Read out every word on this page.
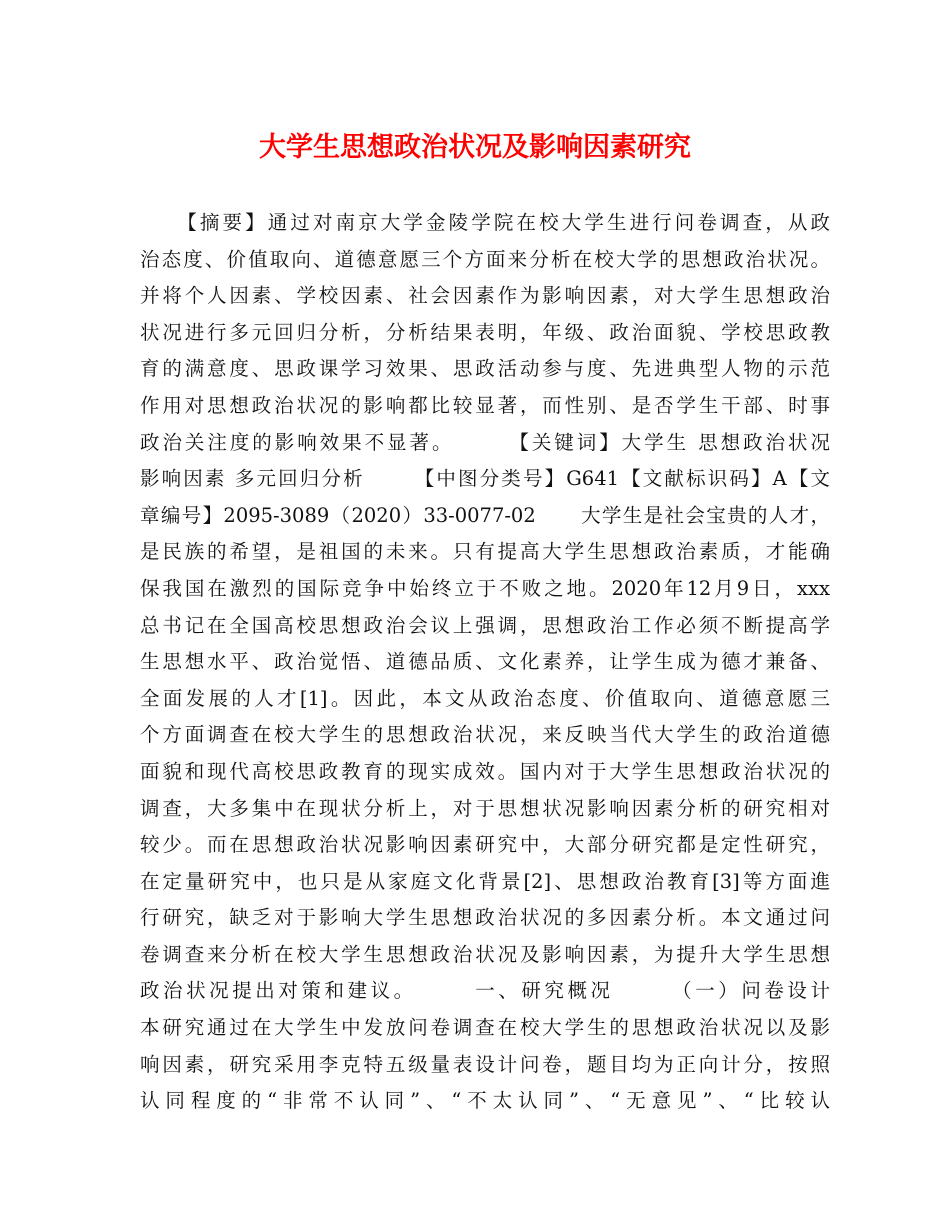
大学生思想政治状况及影响因素研究
【摘要】通过对南京大学金陵学院在校大学生进行问卷调查，从政
治态度、价值取向、道德意愿三个方面来分析在校大学的思想政治状况。
并将个人因素、学校因素、社会因素作为影响因素，对大学生思想政治
状况进行多元回归分析，分析结果表明，年级、政治面貌、学校思政教
育的满意度、思政课学习效果、思政活动参与度、先进典型人物的示范
作用对思想政治状况的影响都比较显著，而性别、是否学生干部、时事
政治关注度的影响效果不显著。      【关键词】大学生 思想政治状况
影响因素 多元回归分析      【中图分类号】G641【文献标识码】A【文
章编号】2095-3089（2020）33-0077-02      大学生是社会宝贵的人才，
是民族的希望，是祖国的未来。只有提高大学生思想政治素质，才能确
保我国在激烈的国际竞争中始终立于不败之地。2020年12月9日，xxx
总书记在全国高校思想政治会议上强调，思想政治工作必须不断提高学
生思想水平、政治觉悟、道德品质、文化素养，让学生成为德才兼备、
全面发展的人才[1]。因此，本文从政治态度、价值取向、道德意愿三
个方面调查在校大学生的思想政治状况，来反映当代大学生的政治道德
面貌和现代高校思政教育的现实成效。国内对于大学生思想政治状况的
调查，大多集中在现状分析上，对于思想状况影响因素分析的研究相对
较少。而在思想政治状况影响因素研究中，大部分研究都是定性研究，
在定量研究中，也只是从家庭文化背景[2]、思想政治教育[3]等方面進
行研究，缺乏对于影响大学生思想政治状况的多因素分析。本文通过问
卷调查来分析在校大学生思想政治状况及影响因素，为提升大学生思想
政治状况提出对策和建议。      一、研究概况      （一）问卷设计
本研究通过在大学生中发放问卷调查在校大学生的思想政治状况以及影
响因素，研究采用李克特五级量表设计问卷，题目均为正向计分，按照
认同程度的“非常不认同”、“不太认同”、“无意见”、“比较认
